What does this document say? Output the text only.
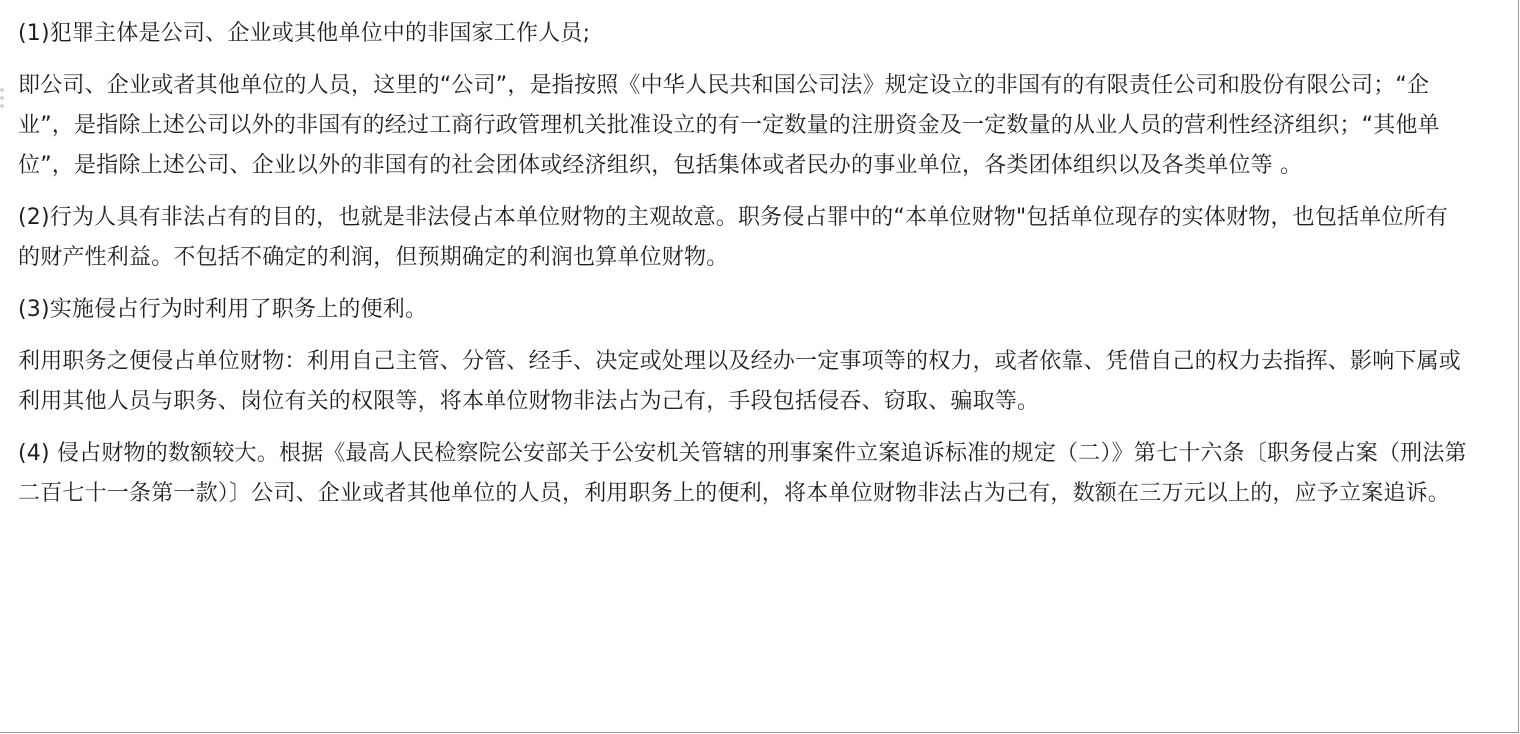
(1)犯罪主体是公司、企业或其他单位中的非国家工作人员;

即公司、企业或者其他单位的人员，这里的“公司”，是指按照《中华人民共和国公司法》规定设立的非国有的有限责任公司和股份有限公司；“企业”，是指除上述公司以外的非国有的经过工商行政管理机关批准设立的有一定数量的注册资金及一定数量的从业人员的营利性经济组织；“其他单位”，是指除上述公司、企业以外的非国有的社会团体或经济组织，包括集体或者民办的事业单位，各类团体组织以及各类单位等 。

(2)行为人具有非法占有的目的，也就是非法侵占本单位财物的主观故意。职务侵占罪中的“本单位财物"包括单位现存的实体财物，也包括单位所有的财产性利益。不包括不确定的利润，但预期确定的利润也算单位财物。

(3)实施侵占行为时利用了职务上的便利。

利用职务之便侵占单位财物：利用自己主管、分管、经手、决定或处理以及经办一定事项等的权力，或者依靠、凭借自己的权力去指挥、影响下属或利用其他人员与职务、岗位有关的权限等，将本单位财物非法占为己有，手段包括侵吞、窃取、骗取等。

(4) 侵占财物的数额较大。根据《最高人民检察院公安部关于公安机关管辖的刑事案件立案追诉标准的规定（二）》第七十六条〔职务侵占案（刑法第二百七十一条第一款）〕公司、企业或者其他单位的人员，利用职务上的便利，将本单位财物非法占为己有，数额在三万元以上的，应予立案追诉。
